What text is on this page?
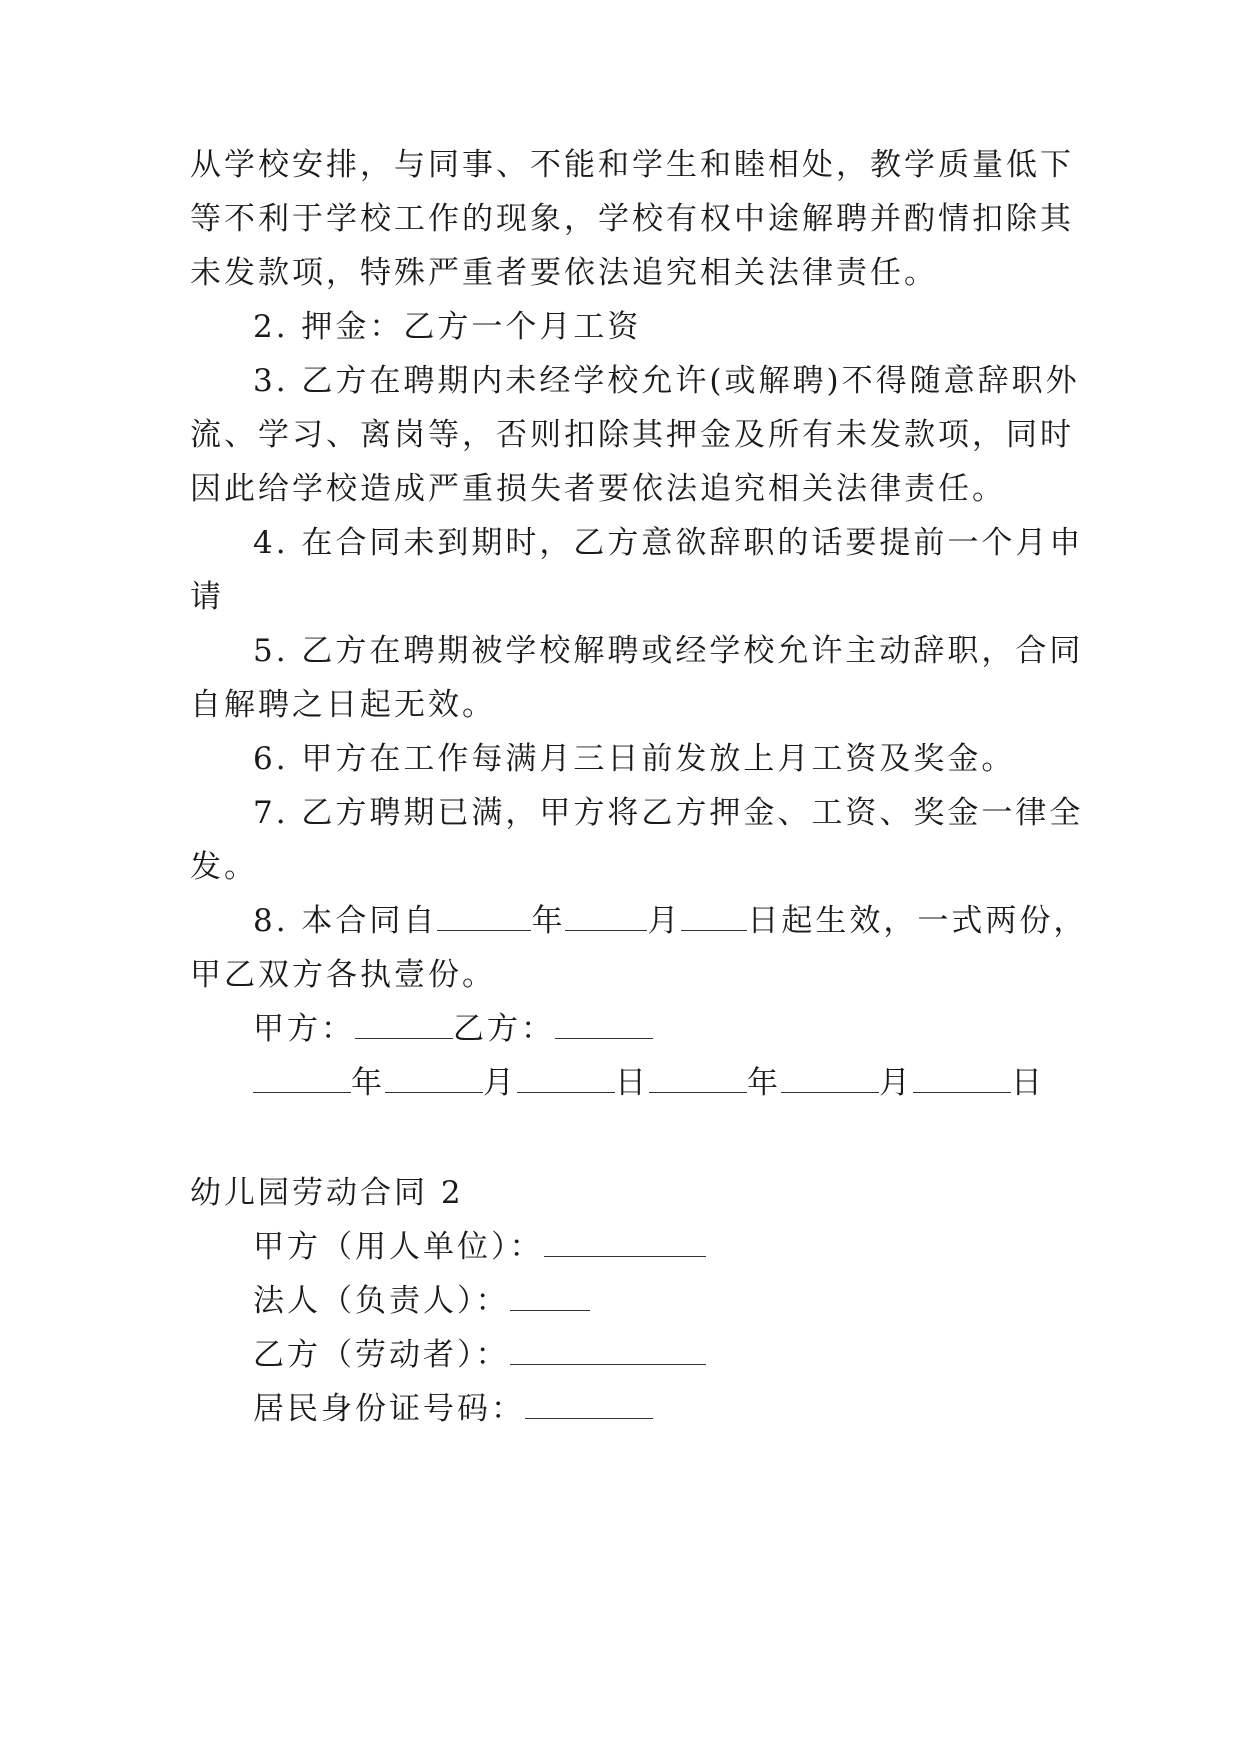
从学校安排，与同事、不能和学生和睦相处，教学质量低下

等不利于学校工作的现象，学校有权中途解聘并酌情扣除其

未发款项，特殊严重者要依法追究相关法律责任。

2. 押金：乙方一个月工资

3. 乙方在聘期内未经学校允许(或解聘)不得随意辞职外

流、学习、离岗等，否则扣除其押金及所有未发款项，同时

因此给学校造成严重损失者要依法追究相关法律责任。

4. 在合同未到期时，乙方意欲辞职的话要提前一个月申

请

5. 乙方在聘期被学校解聘或经学校允许主动辞职，合同

自解聘之日起无效。

6. 甲方在工作每满月三日前发放上月工资及奖金。

7. 乙方聘期已满，甲方将乙方押金、工资、奖金一律全

发。

8. 本合同自	年	月 日起生效，一式两份，

甲乙双方各执壹份。

甲方：	乙方：

年	月	日	年	月	日

幼儿园劳动合同 2

甲方（用人单位）：

法人（负责人）：

乙方（劳动者）：

居民身份证号码：
